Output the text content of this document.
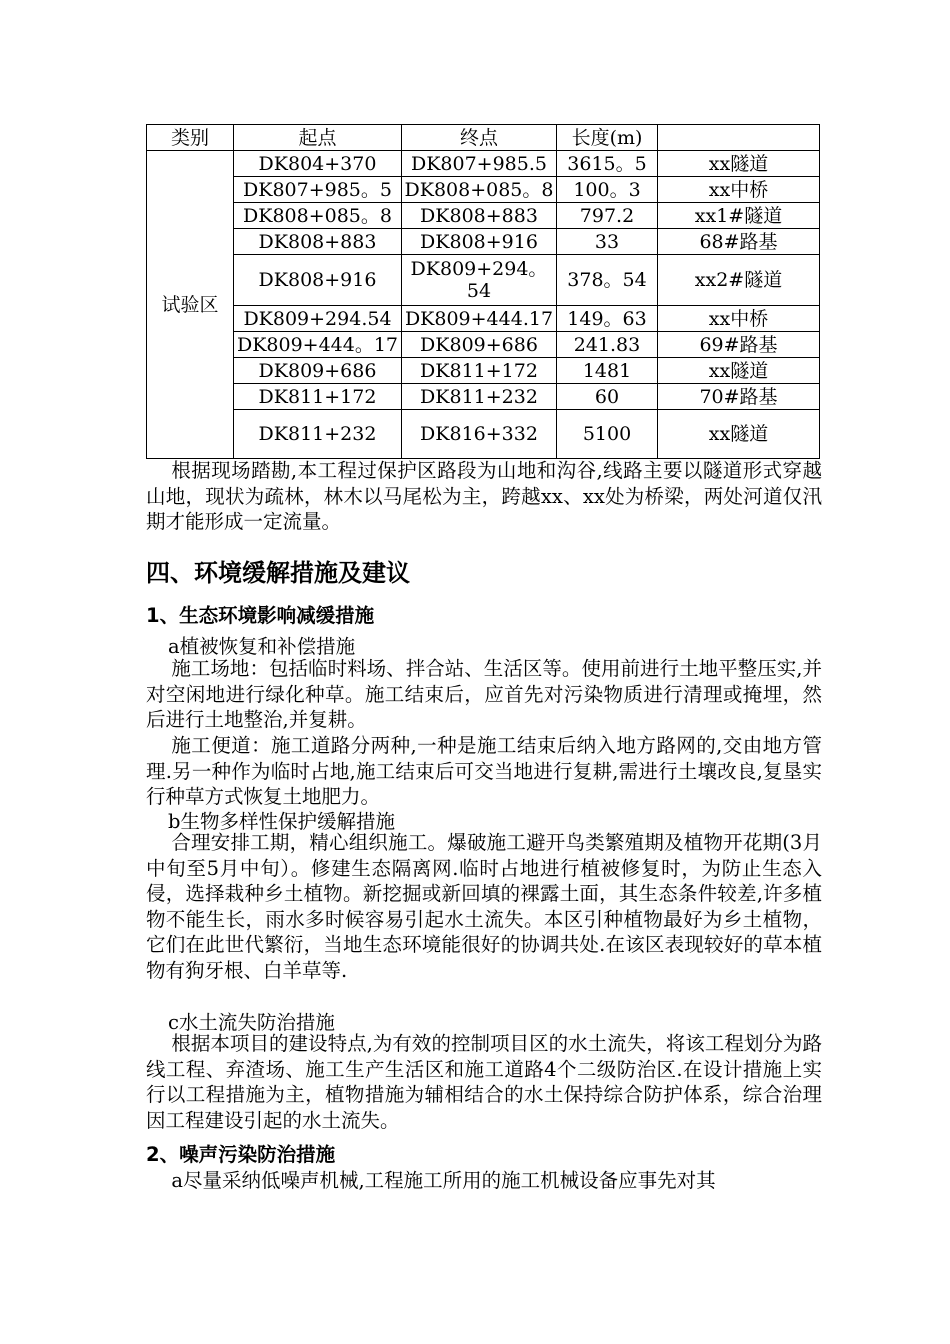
类别	起点	终点	长度(m)	
试验区	DK804+370	DK807+985.5	3615。5	xx隧道
	DK807+985。5	DK808+085。8	100。3	xx中桥
	DK808+085。8	DK808+883	797.2	xx1#隧道
	DK808+883	DK808+916	33	68#路基
	DK808+916	DK809+294。54	378。54	xx2#隧道
	DK809+294.54	DK809+444.17	149。63	xx中桥
	DK809+444。17	DK809+686	241.83	69#路基
	DK809+686	DK811+172	1481	xx隧道
	DK811+172	DK811+232	60	70#路基
	DK811+232	DK816+332	5100	xx隧道

根据现场踏勘,本工程过保护区路段为山地和沟谷,线路主要以隧道形式穿越山地，现状为疏林，林木以马尾松为主，跨越xx、xx处为桥梁，两处河道仅汛期才能形成一定流量。

四、环境缓解措施及建议
1、生态环境影响减缓措施
a植被恢复和补偿措施

施工场地：包括临时料场、拌合站、生活区等。使用前进行土地平整压实,并对空闲地进行绿化种草。施工结束后，应首先对污染物质进行清理或掩埋，然后进行土地整治,并复耕。

施工便道：施工道路分两种,一种是施工结束后纳入地方路网的,交由地方管理.另一种作为临时占地,施工结束后可交当地进行复耕,需进行土壤改良,复垦实行种草方式恢复土地肥力。

b生物多样性保护缓解措施

合理安排工期，精心组织施工。爆破施工避开鸟类繁殖期及植物开花期(3月中旬至5月中旬）。修建生态隔离网.临时占地进行植被修复时，为防止生态入侵，选择栽种乡土植物。新挖掘或新回填的裸露土面，其生态条件较差,许多植物不能生长，雨水多时候容易引起水土流失。本区引种植物最好为乡土植物，它们在此世代繁衍，当地生态环境能很好的协调共处.在该区表现较好的草本植物有狗牙根、白羊草等.

c水土流失防治措施

根据本项目的建设特点,为有效的控制项目区的水土流失，将该工程划分为路线工程、弃渣场、施工生产生活区和施工道路4个二级防治区.在设计措施上实行以工程措施为主，植物措施为辅相结合的水土保持综合防护体系，综合治理因工程建设引起的水土流失。

2、噪声污染防治措施

a尽量采纳低噪声机械,工程施工所用的施工机械设备应事先对其
